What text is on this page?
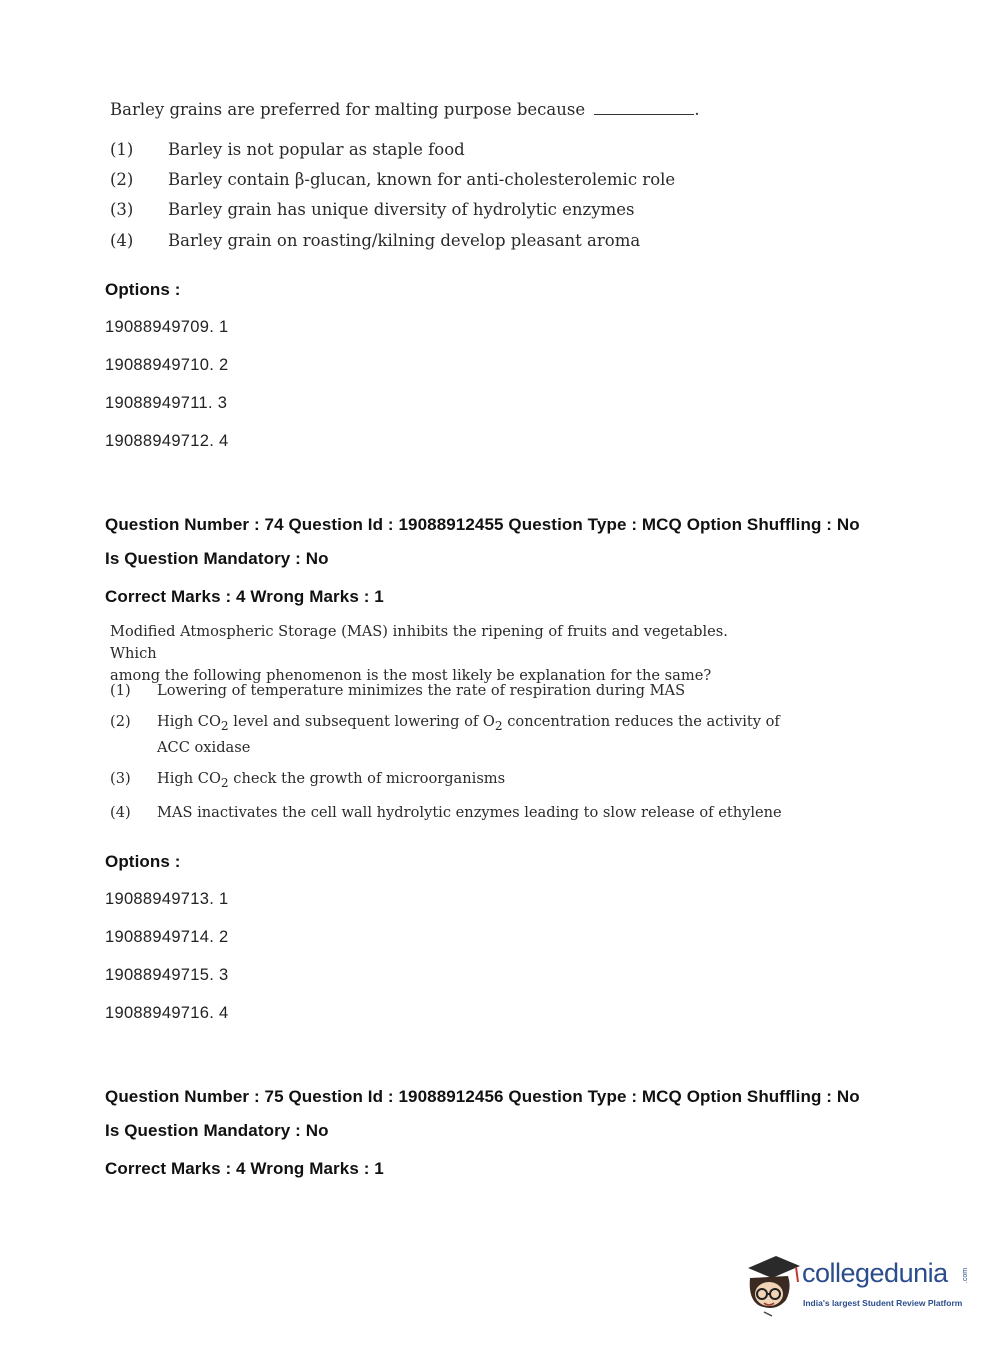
Barley grains are preferred for malting purpose because	.
(1) Barley is not popular as staple food
(2) Barley contain β-glucan, known for anti-cholesterolemic role
(3) Barley grain has unique diversity of hydrolytic enzymes
(4) Barley grain on roasting/kilning develop pleasant aroma
Options :
19088949709. 1
19088949710. 2
19088949711. 3
19088949712. 4
Question Number : 74 Question Id : 19088912455 Question Type : MCQ Option Shuffling : No
Is Question Mandatory : No
Correct Marks : 4 Wrong Marks : 1
Modified Atmospheric Storage (MAS) inhibits the ripening of fruits and vegetables. Which
among the following phenomenon is the most likely be explanation for the same?
(1) Lowering of temperature minimizes the rate of respiration during MAS
(2) High $CO_2$ level and subsequent lowering of $O_2$ concentration reduces the activity of
ACC oxidase
(3) High $CO_2$ check the growth of microorganisms
(4) MAS inactivates the cell wall hydrolytic enzymes leading to slow release of ethylene
Options :
19088949713. 1
19088949714. 2
19088949715. 3
19088949716. 4
Question Number : 75 Question Id : 19088912456 Question Type : MCQ Option Shuffling : No
Is Question Mandatory : No
Correct Marks : 4 Wrong Marks : 1
collegedunia .com
India's largest Student Review Platform
